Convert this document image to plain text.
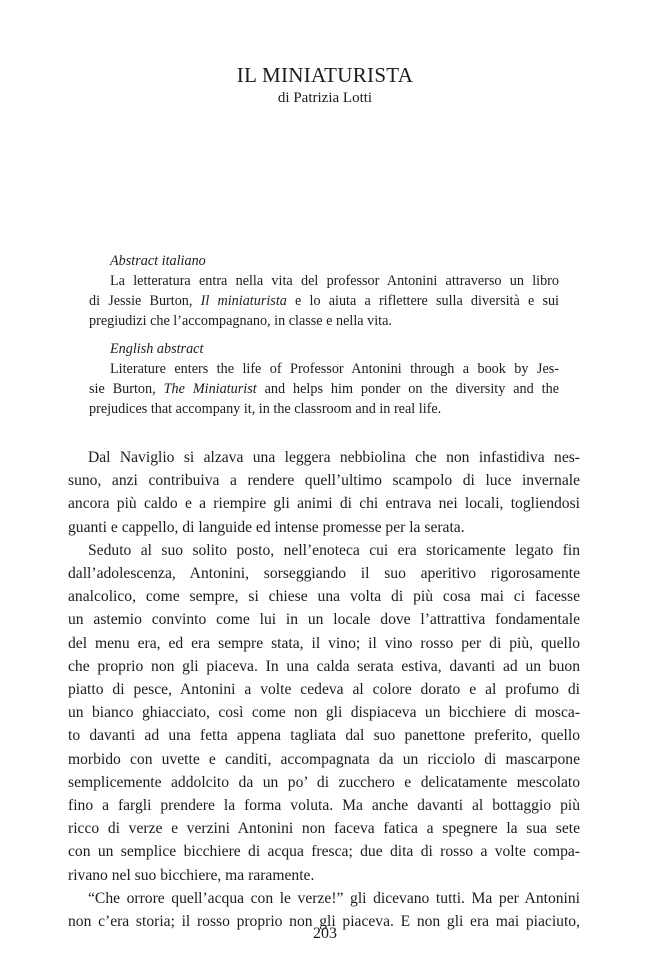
IL MINIATURISTA
di Patrizia Lotti
Abstract italiano
La letteratura entra nella vita del professor Antonini attraverso un libro
di Jessie Burton, Il miniaturista e lo aiuta a riflettere sulla diversità e sui
pregiudizi che l’accompagnano, in classe e nella vita.
English abstract
Literature enters the life of Professor Antonini through a book by Jes-
sie Burton, The Miniaturist and helps him ponder on the diversity and the
prejudices that accompany it, in the classroom and in real life.
Dal Naviglio si alzava una leggera nebbiolina che non infastidiva nes-
suno, anzi contribuiva a rendere quell’ultimo scampolo di luce invernale
ancora più caldo e a riempire gli animi di chi entrava nei locali, togliendosi
guanti e cappello, di languide ed intense promesse per la serata.
Seduto al suo solito posto, nell’enoteca cui era storicamente legato fin
dall’adolescenza, Antonini, sorseggiando il suo aperitivo rigorosamente
analcolico, come sempre, si chiese una volta di più cosa mai ci facesse
un astemio convinto come lui in un locale dove l’attrattiva fondamentale
del menu era, ed era sempre stata, il vino; il vino rosso per di più, quello
che proprio non gli piaceva. In una calda serata estiva, davanti ad un buon
piatto di pesce, Antonini a volte cedeva al colore dorato e al profumo di
un bianco ghiacciato, così come non gli dispiaceva un bicchiere di mosca-
to davanti ad una fetta appena tagliata dal suo panettone preferito, quello
morbido con uvette e canditi, accompagnata da un ricciolo di mascarpone
semplicemente addolcito da un po’ di zucchero e delicatamente mescolato
fino a fargli prendere la forma voluta. Ma anche davanti al bottaggio più
ricco di verze e verzini Antonini non faceva fatica a spegnere la sua sete
con un semplice bicchiere di acqua fresca; due dita di rosso a volte compa-
rivano nel suo bicchiere, ma raramente.
“Che orrore quell’acqua con le verze!” gli dicevano tutti. Ma per Antonini
non c’era storia; il rosso proprio non gli piaceva. E non gli era mai piaciuto,
203
